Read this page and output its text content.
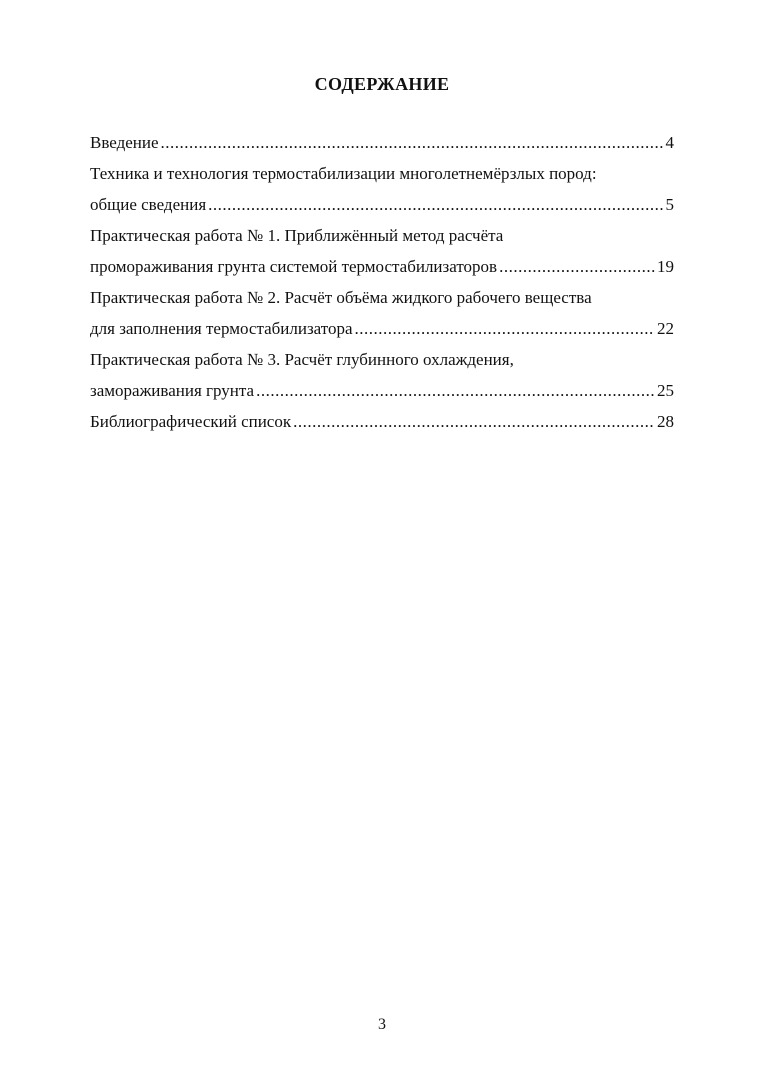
СОДЕРЖАНИЕ
Введение .....	4
Техника и технология термостабилизации многолетнемёрзлых пород:
общие сведения .....	5
Практическая работа № 1. Приближённый метод расчёта
промораживания грунта системой термостабилизаторов .....	19
Практическая работа № 2. Расчёт объёма жидкого рабочего вещества
для заполнения термостабилизатора .....	22
Практическая работа № 3. Расчёт глубинного охлаждения,
замораживания грунта .....	25
Библиографический список .....	28

3
